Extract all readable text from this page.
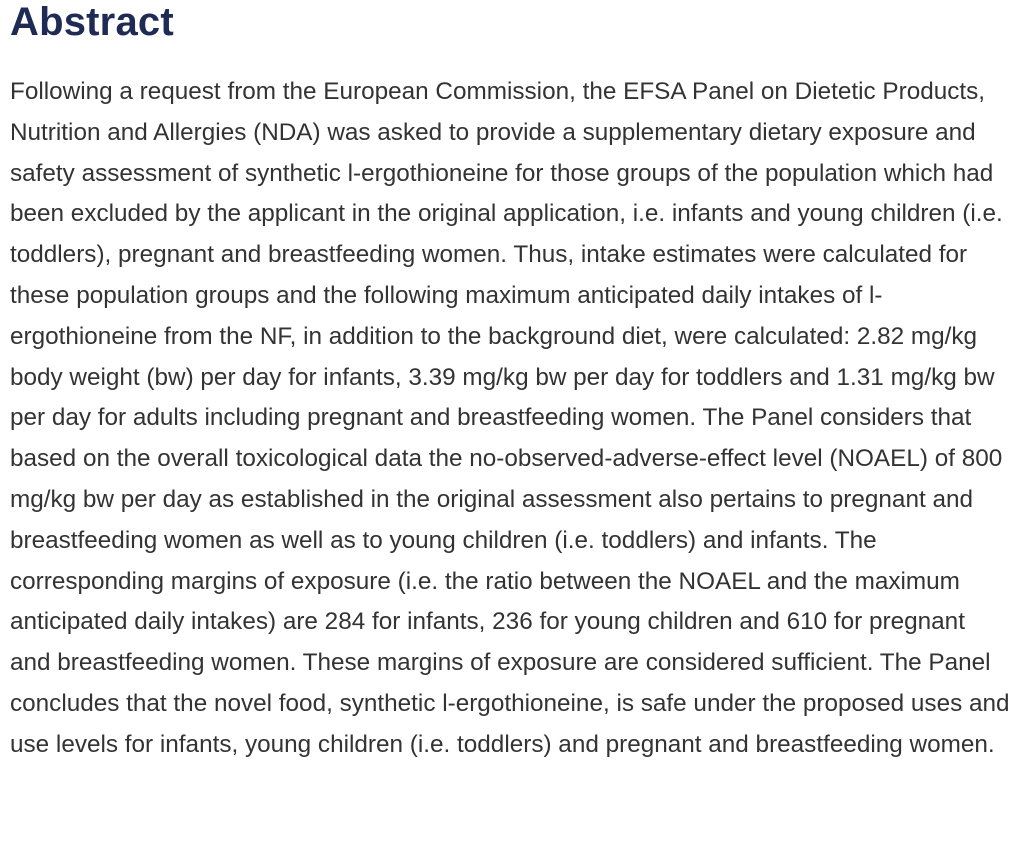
Abstract

Following a request from the European Commission, the EFSA Panel on Dietetic Products, Nutrition and Allergies (NDA) was asked to provide a supplementary dietary exposure and safety assessment of synthetic l-ergothioneine for those groups of the population which had been excluded by the applicant in the original application, i.e. infants and young children (i.e. toddlers), pregnant and breastfeeding women. Thus, intake estimates were calculated for these population groups and the following maximum anticipated daily intakes of l-ergothioneine from the NF, in addition to the background diet, were calculated: 2.82 mg/kg body weight (bw) per day for infants, 3.39 mg/kg bw per day for toddlers and 1.31 mg/kg bw per day for adults including pregnant and breastfeeding women. The Panel considers that based on the overall toxicological data the no-observed-adverse-effect level (NOAEL) of 800 mg/kg bw per day as established in the original assessment also pertains to pregnant and breastfeeding women as well as to young children (i.e. toddlers) and infants. The corresponding margins of exposure (i.e. the ratio between the NOAEL and the maximum anticipated daily intakes) are 284 for infants, 236 for young children and 610 for pregnant and breastfeeding women. These margins of exposure are considered sufficient. The Panel concludes that the novel food, synthetic l-ergothioneine, is safe under the proposed uses and use levels for infants, young children (i.e. toddlers) and pregnant and breastfeeding women.
